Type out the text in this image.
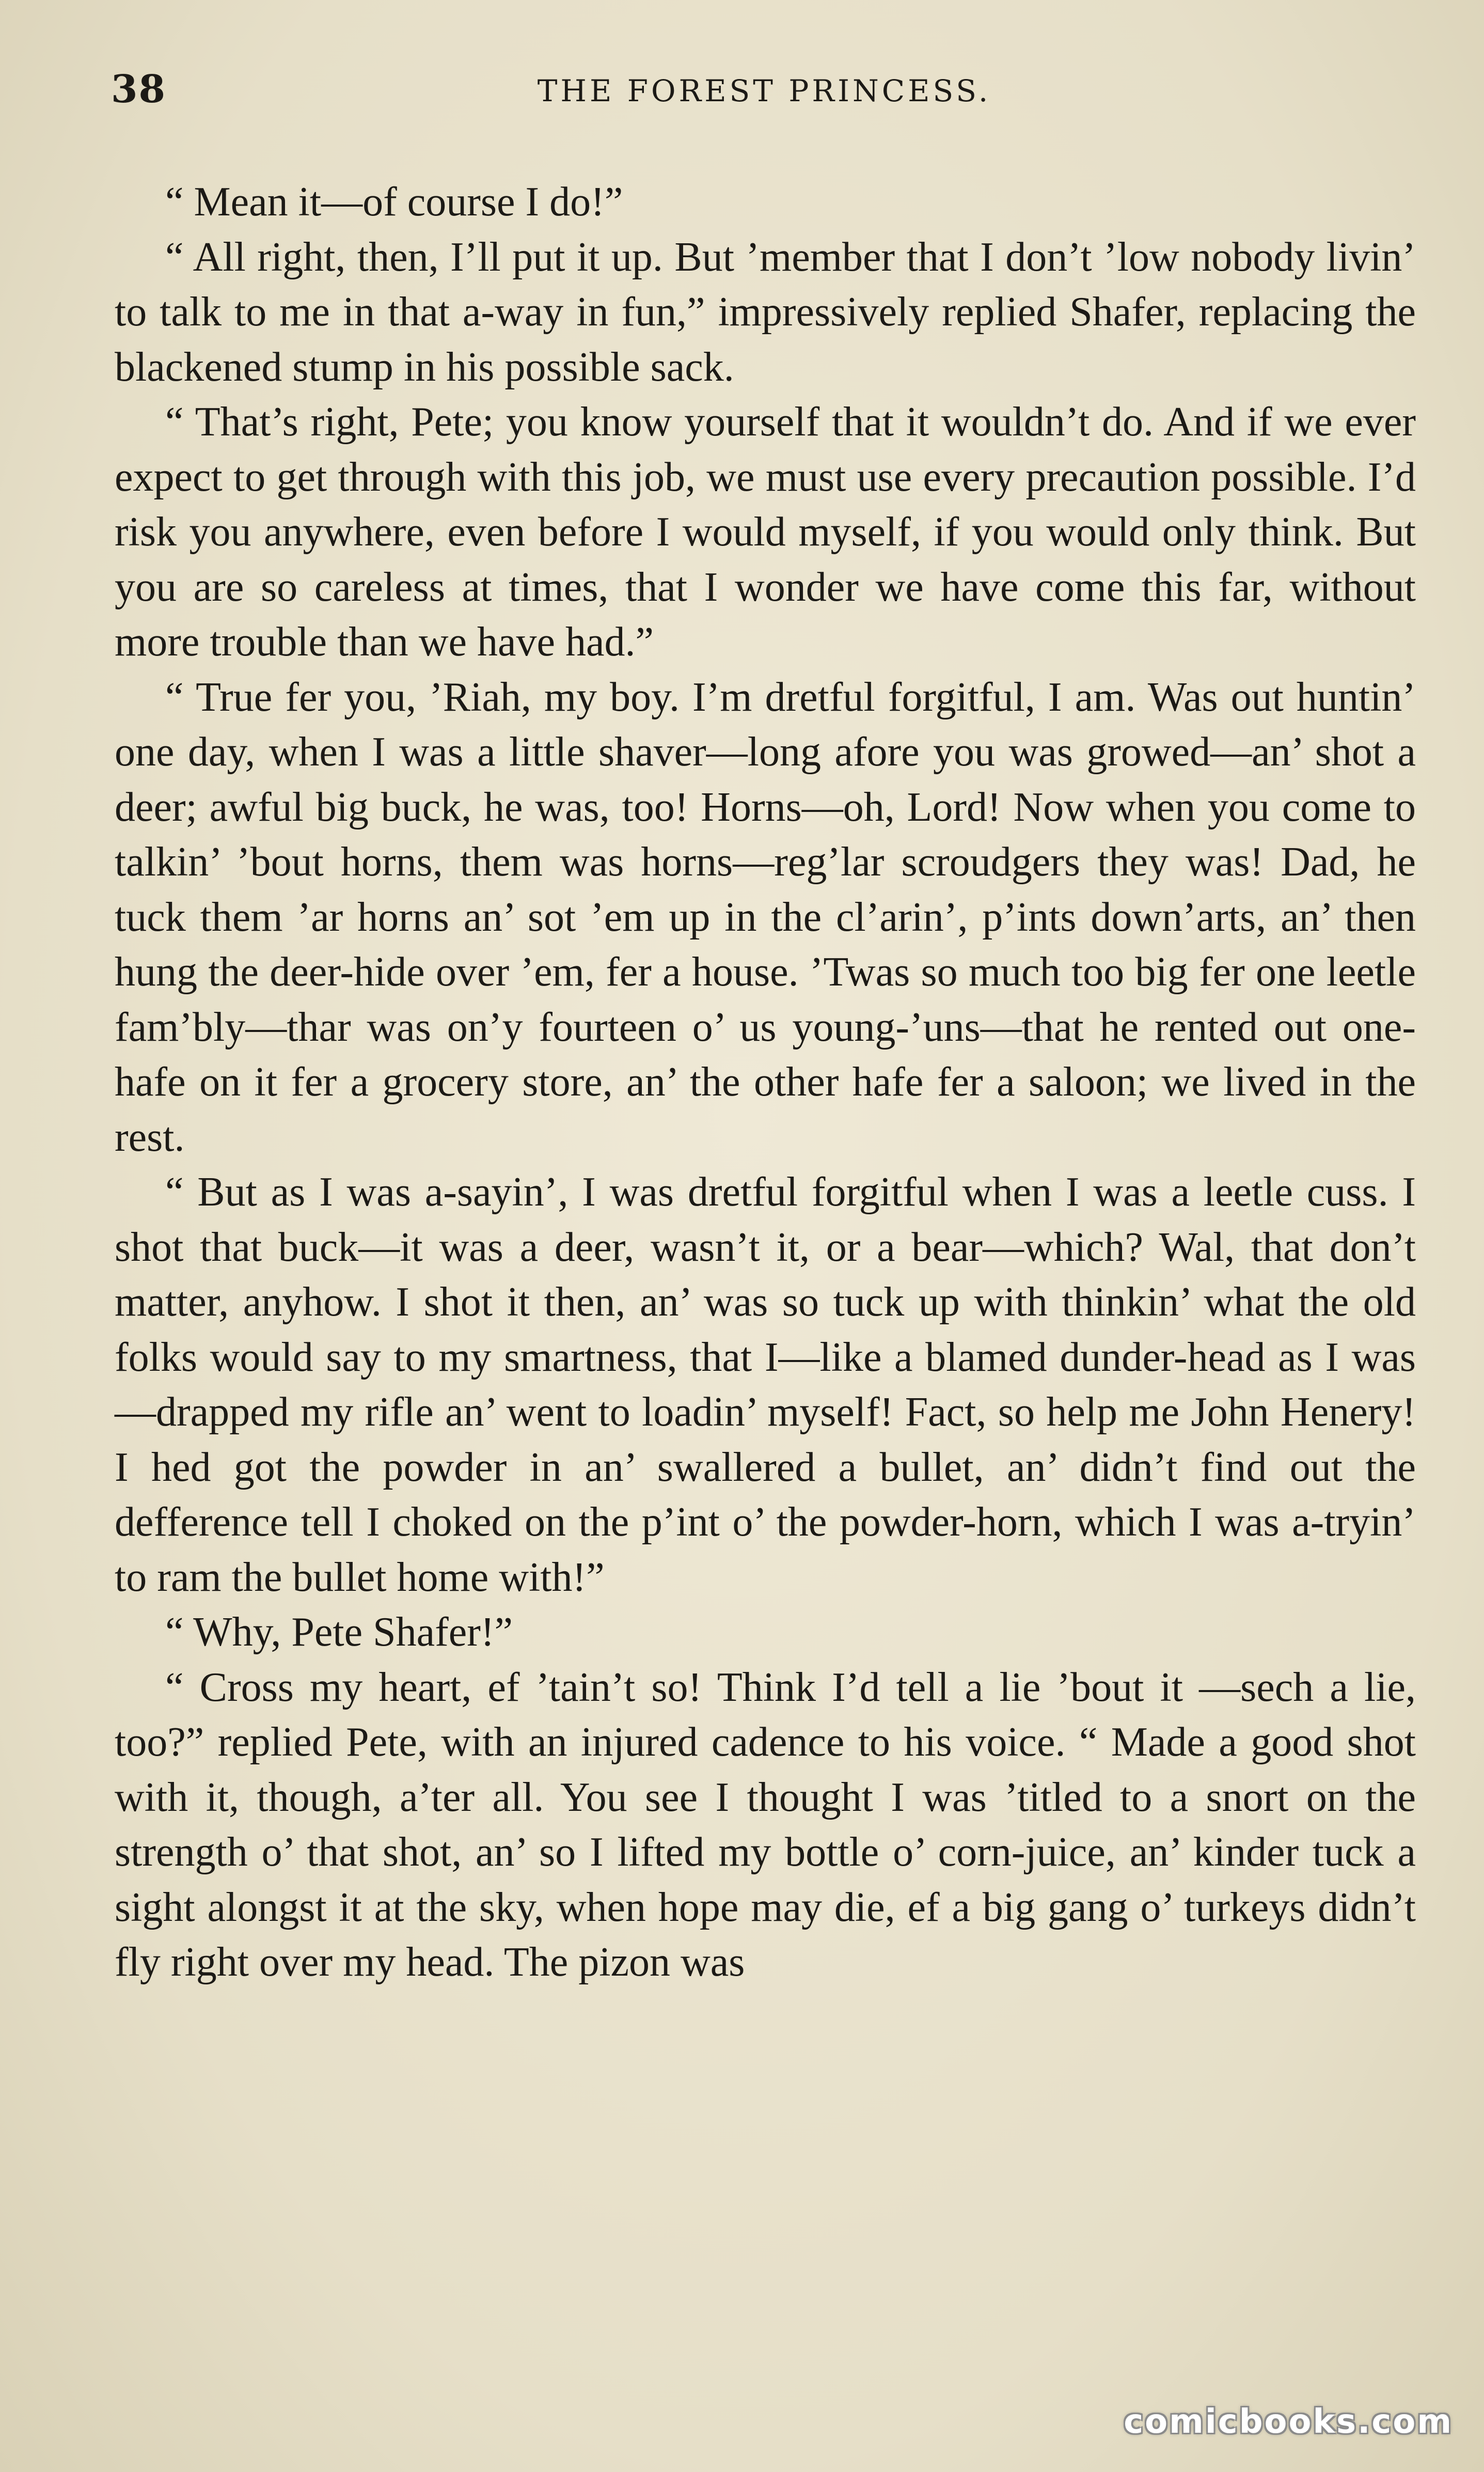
38	THE FOREST PRINCESS.

“ Mean it—of course I do!”

“ All right, then, I’ll put it up. But ’member that I don’t ’low nobody livin’ to talk to me in that a-way in fun,” impressively replied Shafer, replacing the blackened stump in his possible sack.

“ That’s right, Pete; you know yourself that it wouldn’t do. And if we ever expect to get through with this job, we must use every precaution possible. I’d risk you anywhere, even before I would myself, if you would only think. But you are so careless at times, that I wonder we have come this far, without more trouble than we have had.”

“ True fer you, ’Riah, my boy. I’m dretful forgitful, I am. Was out huntin’ one day, when I was a little shaver—long afore you was growed—an’ shot a deer; awful big buck, he was, too! Horns—oh, Lord! Now when you come to talkin’ ’bout horns, them was horns—reg’lar scroudgers they was! Dad, he tuck them ’ar horns an’ sot ’em up in the cl’arin’, p’ints down’arts, an’ then hung the deer-hide over ’em, fer a house. ’Twas so much too big fer one leetle fam’bly—thar was on’y fourteen o’ us young-’uns—that he rented out one-hafe on it fer a grocery store, an’ the other hafe fer a saloon; we lived in the rest.

“ But as I was a-sayin’, I was dretful forgitful when I was a leetle cuss. I shot that buck—it was a deer, wasn’t it, or a bear—which? Wal, that don’t matter, anyhow. I shot it then, an’ was so tuck up with thinkin’ what the old folks would say to my smartness, that I—like a blamed dunder-head as I was—drapped my rifle an’ went to loadin’ myself! Fact, so help me John Henery! I hed got the powder in an’ swallered a bullet, an’ didn’t find out the defference tell I choked on the p’int o’ the powder-horn, which I was a-tryin’ to ram the bullet home with!”

“ Why, Pete Shafer!”

“ Cross my heart, ef ’tain’t so! Think I’d tell a lie ’bout it —sech a lie, too?” replied Pete, with an injured cadence to his voice. “ Made a good shot with it, though, a’ter all. You see I thought I was ’titled to a snort on the strength o’ that shot, an’ so I lifted my bottle o’ corn-juice, an’ kinder tuck a sight alongst it at the sky, when hope may die, ef a big gang o’ turkeys didn’t fly right over my head. The pizon was

comicbooks.com
